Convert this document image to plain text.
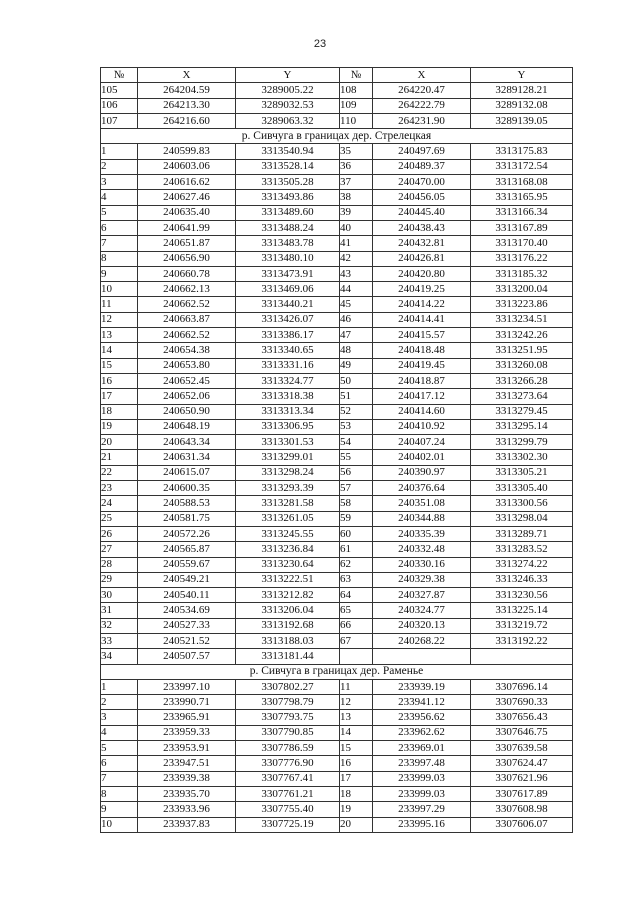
23
№	X	Y	№	X	Y
105	264204.59	3289005.22	108	264220.47	3289128.21
106	264213.30	3289032.53	109	264222.79	3289132.08
107	264216.60	3289063.32	110	264231.90	3289139.05
р. Сивчуга в границах дер. Стрелецкая					
1	240599.83	3313540.94	35	240497.69	3313175.83
2	240603.06	3313528.14	36	240489.37	3313172.54
3	240616.62	3313505.28	37	240470.00	3313168.08
4	240627.46	3313493.86	38	240456.05	3313165.95
5	240635.40	3313489.60	39	240445.40	3313166.34
6	240641.99	3313488.24	40	240438.43	3313167.89
7	240651.87	3313483.78	41	240432.81	3313170.40
8	240656.90	3313480.10	42	240426.81	3313176.22
9	240660.78	3313473.91	43	240420.80	3313185.32
10	240662.13	3313469.06	44	240419.25	3313200.04
11	240662.52	3313440.21	45	240414.22	3313223.86
12	240663.87	3313426.07	46	240414.41	3313234.51
13	240662.52	3313386.17	47	240415.57	3313242.26
14	240654.38	3313340.65	48	240418.48	3313251.95
15	240653.80	3313331.16	49	240419.45	3313260.08
16	240652.45	3313324.77	50	240418.87	3313266.28
17	240652.06	3313318.38	51	240417.12	3313273.64
18	240650.90	3313313.34	52	240414.60	3313279.45
19	240648.19	3313306.95	53	240410.92	3313295.14
20	240643.34	3313301.53	54	240407.24	3313299.79
21	240631.34	3313299.01	55	240402.01	3313302.30
22	240615.07	3313298.24	56	240390.97	3313305.21
23	240600.35	3313293.39	57	240376.64	3313305.40
24	240588.53	3313281.58	58	240351.08	3313300.56
25	240581.75	3313261.05	59	240344.88	3313298.04
26	240572.26	3313245.55	60	240335.39	3313289.71
27	240565.87	3313236.84	61	240332.48	3313283.52
28	240559.67	3313230.64	62	240330.16	3313274.22
29	240549.21	3313222.51	63	240329.38	3313246.33
30	240540.11	3313212.82	64	240327.87	3313230.56
31	240534.69	3313206.04	65	240324.77	3313225.14
32	240527.33	3313192.68	66	240320.13	3313219.72
33	240521.52	3313188.03	67	240268.22	3313192.22
34	240507.57	3313181.44			
р. Сивчуга в границах дер. Раменье					
1	233997.10	3307802.27	11	233939.19	3307696.14
2	233990.71	3307798.79	12	233941.12	3307690.33
3	233965.91	3307793.75	13	233956.62	3307656.43
4	233959.33	3307790.85	14	233962.62	3307646.75
5	233953.91	3307786.59	15	233969.01	3307639.58
6	233947.51	3307776.90	16	233997.48	3307624.47
7	233939.38	3307767.41	17	233999.03	3307621.96
8	233935.70	3307761.21	18	233999.03	3307617.89
9	233933.96	3307755.40	19	233997.29	3307608.98
10	233937.83	3307725.19	20	233995.16	3307606.07
